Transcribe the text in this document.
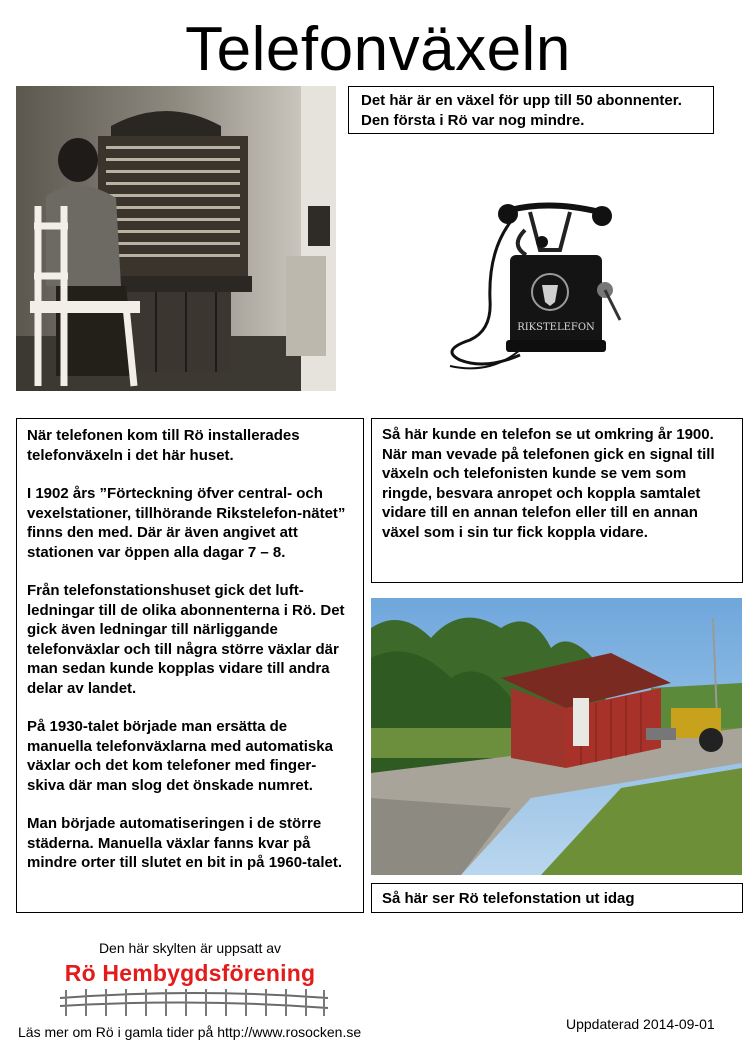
Telefonväxeln
Det här är en växel för upp till 50 abonnenter.
Den första i Rö var nog mindre.
RIKSTELEFON

När telefonen kom till Rö installerades telefonväxeln i det här huset.

I 1902 års ”Förteckning öfver central- och vexelstationer, tillhörande Rikstelefon-nätet” finns den med. Där är även angivet att stationen var öppen alla dagar 7 – 8.

Från telefonstationshuset gick det luft-ledningar till de olika abonnenterna i Rö. Det gick även ledningar till närliggande telefonväxlar och till några större växlar där man sedan kunde kopplas vidare till andra delar av landet.

På 1930-talet började man ersätta de manuella telefonväxlarna med automatiska växlar och det kom telefoner med finger-skiva där man slog det önskade numret.

Man började automatiseringen i de större städerna. Manuella växlar fanns kvar på mindre orter till slutet en bit in på 1960-talet.

Så här kunde en telefon se ut omkring år 1900.
När man vevade på telefonen gick en signal till växeln och telefonisten kunde se vem som ringde, besvara anropet och koppla samtalet vidare till en annan telefon eller till en annan växel som i sin tur fick koppla vidare.
Så här ser Rö telefonstation ut idag
Den här skylten är uppsatt av
Rö Hembygdsförening
Läs mer om Rö i gamla tider på http://www.rosocken.se	Uppdaterad 2014-09-01
